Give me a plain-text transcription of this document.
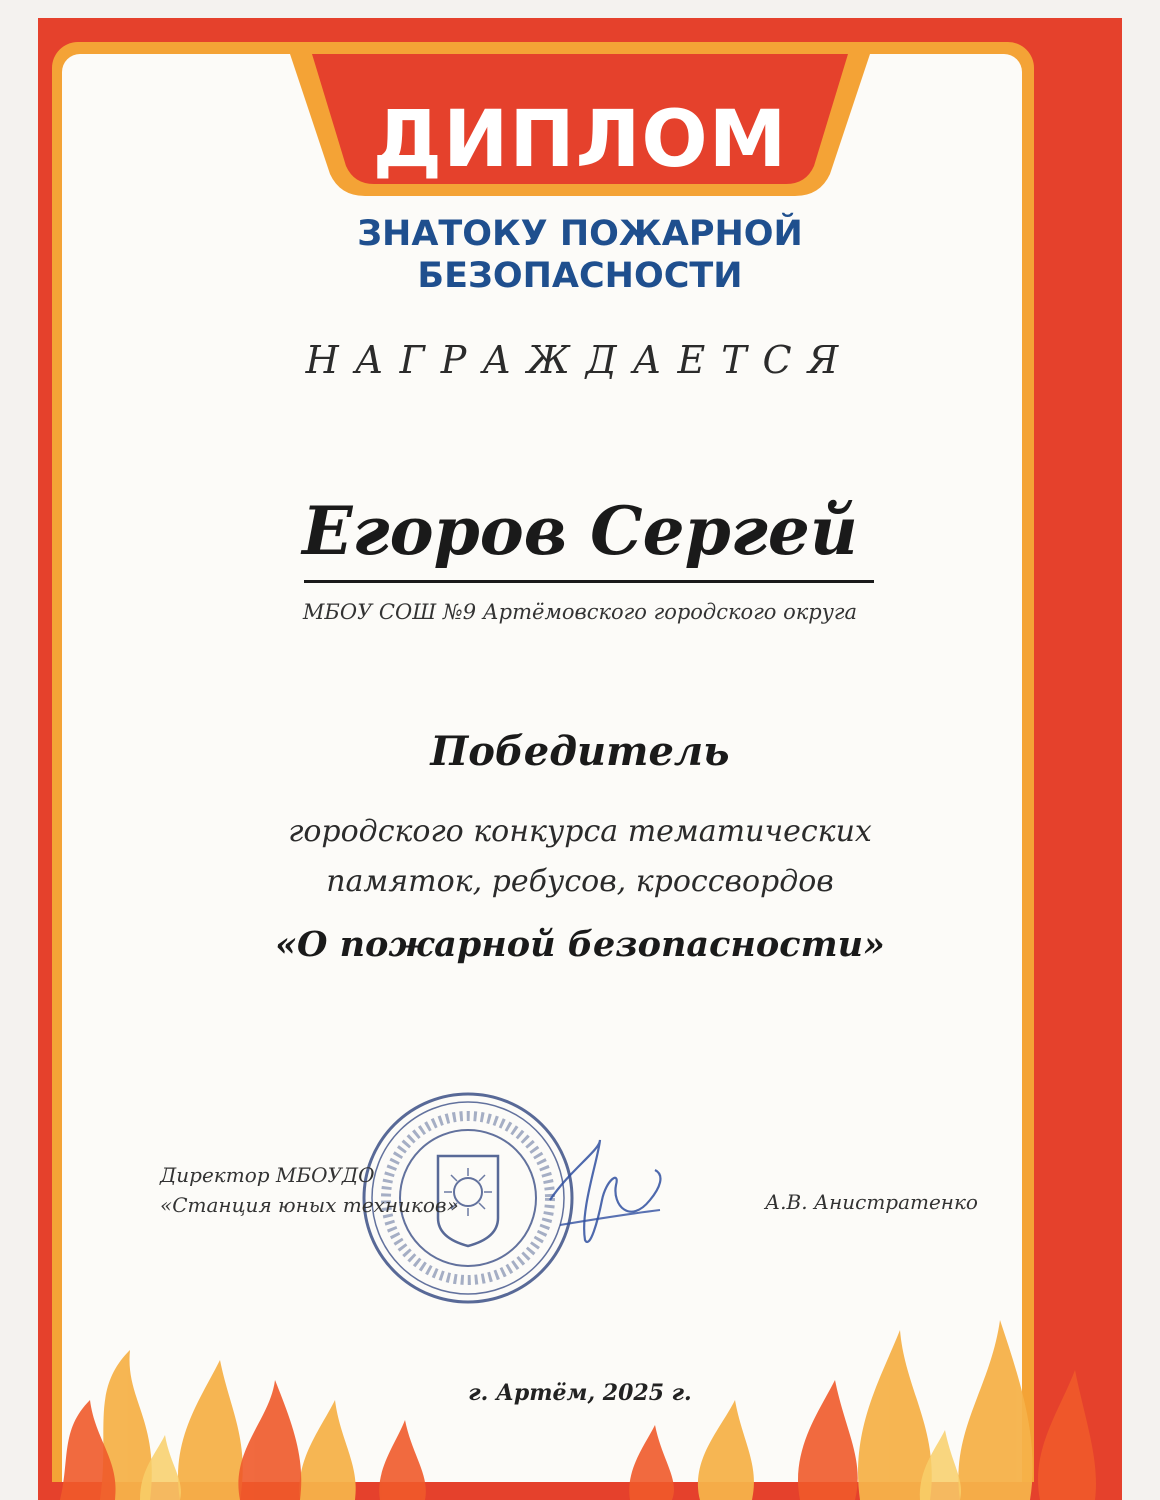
ДИПЛОМ
ЗНАТОКУ ПОЖАРНОЙ
БЕЗОПАСНОСТИ
НАГРАЖДАЕТСЯ
Егоров Сергей
МБОУ СОШ №9 Артёмовского городского округа
Победитель
городского конкурса тематических
памяток, ребусов, кроссвордов
«О пожарной безопасности»
Директор МБОУДО
«Станция юных техников»	А.В. Анистратенко
г. Артём, 2025 г.
